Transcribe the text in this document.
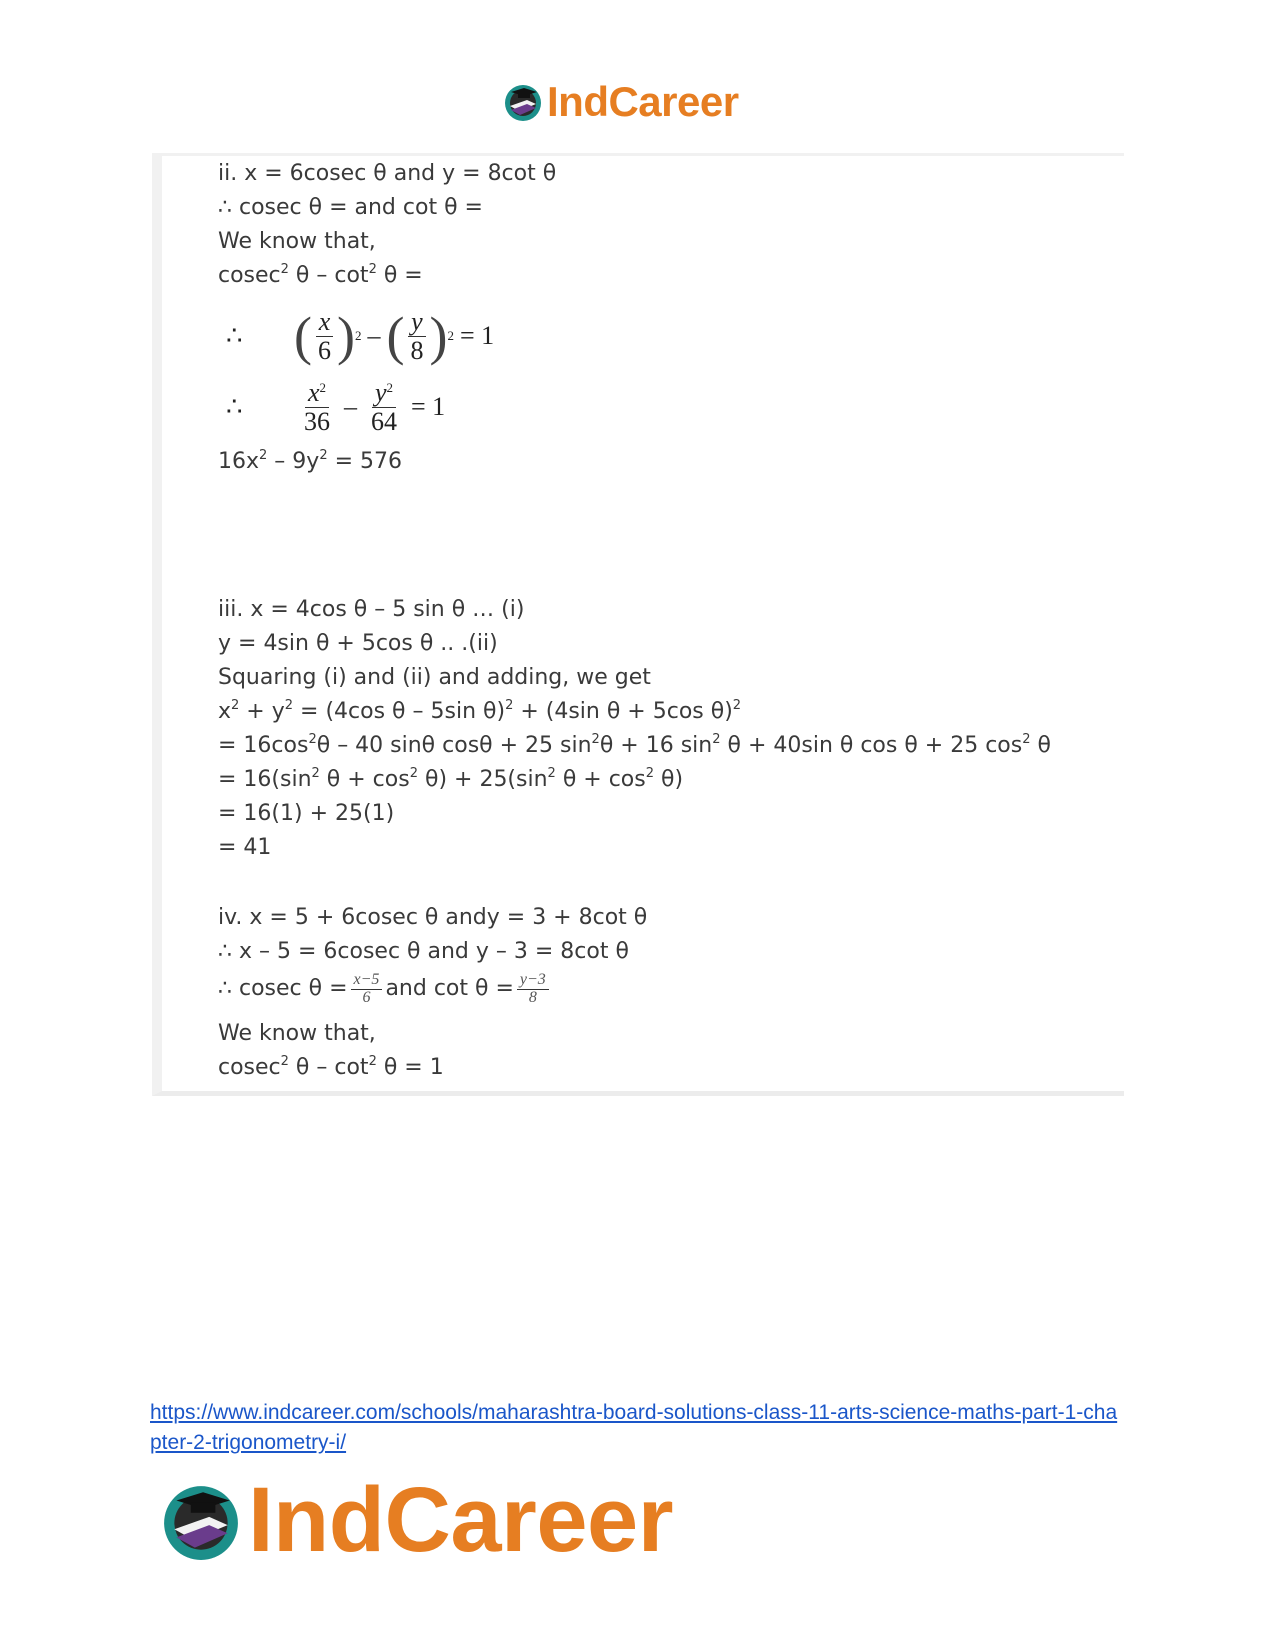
IndCareer
ii. x = 6cosec θ and y = 8cot θ
∴ cosec θ = and cot θ =
We know that,
cosec$^2$ θ – $\cot^2 \theta$ =
∴ ( $\frac{x}{6}$ ) 2 – ( $\frac{y}{8}$ ) 2 = 1
∴	$\frac{x^2}{36} - \frac{y^2}{64} = 1$
$16x^2 - 9y^2 = 576$
iii. x = 4cos θ – 5 sin θ … (i)
y = 4sin θ + 5cos θ .. .(ii)
Squaring (i) and (ii) and adding, we get
$x^2 + y^2 = (4\cos$ θ – 5sin θ)$^2$ + (4sin θ + 5cos θ)$^2$
= $16\cos^2\theta - 40$ sinθ cosθ + 25 $\sin^2\theta + 16$ $\sin^2 \theta + 40\sin$ θ cos θ + 25 $\cos^2 \theta$
= $16(\sin^2$ $\theta + \cos^2 \theta) + 25(\sin^2$ $\theta + \cos^2 \theta$)
= 16(1) + 25(1)
= 41
iv. x = 5 + 6cosec θ andy = 3 + 8cot θ
∴ x – 5 = 6cosec θ and y – 3 = 8cot θ
∴ cosec $\theta = \frac{x-5}{6}$ and $\cot \theta = \frac{y-3}{8}$
We know that,
cosec$^2$ $\theta - \cot^2 \theta = 1$
https://www.indcareer.com/schools/maharashtra-board-solutions-class-11-arts-science-maths-part-1-chapter-2-trigonometry-i/
IndCareer
